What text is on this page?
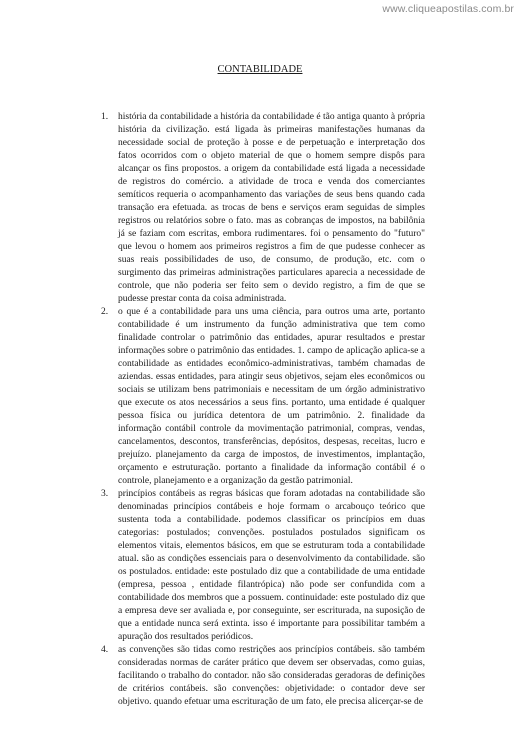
www.cliqueapostilas.com.br
CONTABILIDADE
1. história da contabilidade a história da contabilidade é tão antiga quanto à própria história da civilização. está ligada às primeiras manifestações humanas da necessidade social de proteção à posse e de perpetuação e interpretação dos fatos ocorridos com o objeto material de que o homem sempre dispôs para alcançar os fins propostos. a origem da contabilidade está ligada a necessidade de registros do comércio. a atividade de troca e venda dos comerciantes semíticos requeria o acompanhamento das variações de seus bens quando cada transação era efetuada. as trocas de bens e serviços eram seguidas de simples registros ou relatórios sobre o fato. mas as cobranças de impostos, na babilônia já se faziam com escritas, embora rudimentares. foi o pensamento do "futuro" que levou o homem aos primeiros registros a fim de que pudesse conhecer as suas reais possibilidades de uso, de consumo, de produção, etc. com o surgimento das primeiras administrações particulares aparecia a necessidade de controle, que não poderia ser feito sem o devido registro, a fim de que se pudesse prestar conta da coisa administrada.
2. o que é a contabilidade para uns uma ciência, para outros uma arte, portanto contabilidade é um instrumento da função administrativa que tem como finalidade controlar o patrimônio das entidades, apurar resultados e prestar informações sobre o patrimônio das entidades. 1. campo de aplicação aplica-se a contabilidade as entidades econômico-administrativas, também chamadas de aziendas. essas entidades, para atingir seus objetivos, sejam eles econômicos ou sociais se utilizam bens patrimoniais e necessitam de um órgão administrativo que execute os atos necessários a seus fins. portanto, uma entidade é qualquer pessoa física ou jurídica detentora de um patrimônio. 2. finalidade da informação contábil controle da movimentação patrimonial, compras, vendas, cancelamentos, descontos, transferências, depósitos, despesas, receitas, lucro e prejuízo. planejamento da carga de impostos, de investimentos, implantação, orçamento e estruturação. portanto a finalidade da informação contábil é o controle, planejamento e a organização da gestão patrimonial.
3. princípios contábeis as regras básicas que foram adotadas na contabilidade são denominadas princípios contábeis e hoje formam o arcabouço teórico que sustenta toda a contabilidade. podemos classificar os princípios em duas categorias: postulados; convenções. postulados postulados significam os elementos vitais, elementos básicos, em que se estruturam toda a contabilidade atual. são as condições essenciais para o desenvolvimento da contabilidade. são os postulados. entidade: este postulado diz que a contabilidade de uma entidade (empresa, pessoa , entidade filantrópica) não pode ser confundida com a contabilidade dos membros que a possuem. continuidade: este postulado diz que a empresa deve ser avaliada e, por conseguinte, ser escriturada, na suposição de que a entidade nunca será extinta. isso é importante para possibilitar também a apuração dos resultados periódicos.
4. as convenções são tidas como restrições aos princípios contábeis. são também consideradas normas de caráter prático que devem ser observadas, como guias, facilitando o trabalho do contador. não são consideradas geradoras de definições de critérios contábeis. são convenções: objetividade: o contador deve ser objetivo. quando efetuar uma escrituração de um fato, ele precisa alicerçar-se de
